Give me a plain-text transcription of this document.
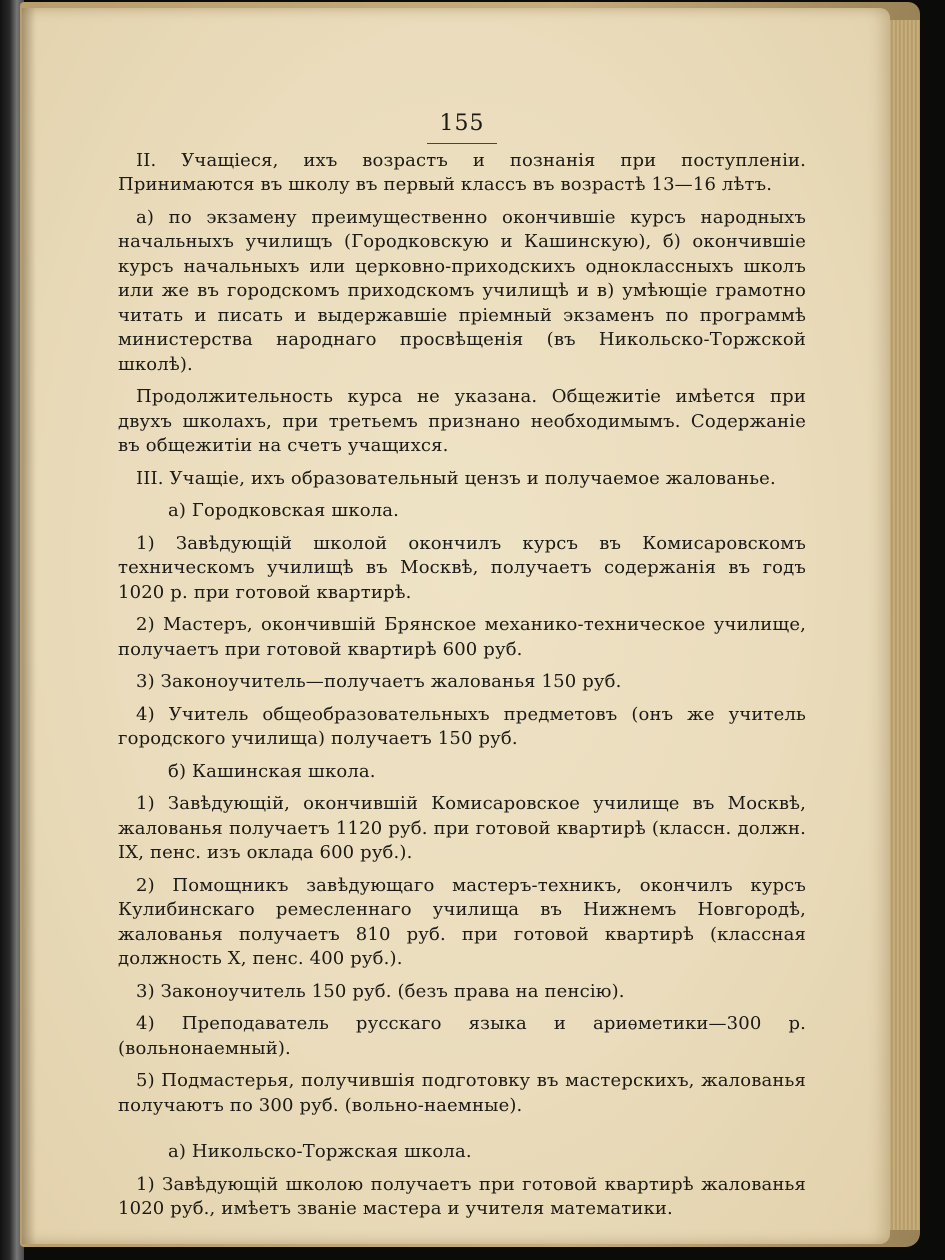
155

II. Учащiеся, ихъ возрастъ и познанiя при поступленiи. Принимаются въ школу въ первый классъ въ возрастѣ 13—16 лѣтъ.

а) по экзамену преимущественно окончившiе курсъ народныхъ начальныхъ училищъ (Городковскую и Кашинскую), б) окончившiе курсъ начальныхъ или церковно-приходскихъ одноклассныхъ школъ или же въ городскомъ приходскомъ училищѣ и в) умѣющiе грамотно читать и писать и выдержавшiе прiемный экзаменъ по программѣ министерства народнаго просвѣщенiя (въ Никольско-Торжской школѣ).

Продолжительность курса не указана. Общежитiе имѣется при двухъ школахъ, при третьемъ признано необходимымъ. Содержанiе въ общежитiи на счетъ учащихся.

III. Учащiе, ихъ образовательный цензъ и получаемое жалованье.

а) Городковская школа.

1) Завѣдующiй школой окончилъ курсъ въ Комисаровскомъ техническомъ училищѣ въ Москвѣ, получаетъ содержанiя въ годъ 1020 р. при готовой квартирѣ.

2) Мастеръ, окончившiй Брянское механико-техническое училище, получаетъ при готовой квартирѣ 600 руб.

3) Законоучитель—получаетъ жалованья 150 руб.

4) Учитель общеобразовательныхъ предметовъ (онъ же учитель городского училища) получаетъ 150 руб.

б) Кашинская школа.

1) Завѣдующiй, окончившiй Комисаровское училище въ Москвѣ, жалованья получаетъ 1120 руб. при готовой квартирѣ (классн. должн. IX, пенс. изъ оклада 600 руб.).

2) Помощникъ завѣдующаго мастеръ-техникъ, окончилъ курсъ Кулибинскаго ремесленнаго училища въ Нижнемъ Новгородѣ, жалованья получаетъ 810 руб. при готовой квартирѣ (классная должность X, пенс. 400 руб.).

3) Законоучитель 150 руб. (безъ права на пенсiю).

4) Преподаватель русскаго языка и ариѳметики—300 р. (вольнонаемный).

5) Подмастерья, получившiя подготовку въ мастерскихъ, жалованья получаютъ по 300 руб. (вольно-наемные).

а) Никольско-Торжская школа.

1) Завѣдующiй школою получаетъ при готовой квартирѣ жалованья 1020 руб., имѣетъ званiе мастера и учителя математики.
